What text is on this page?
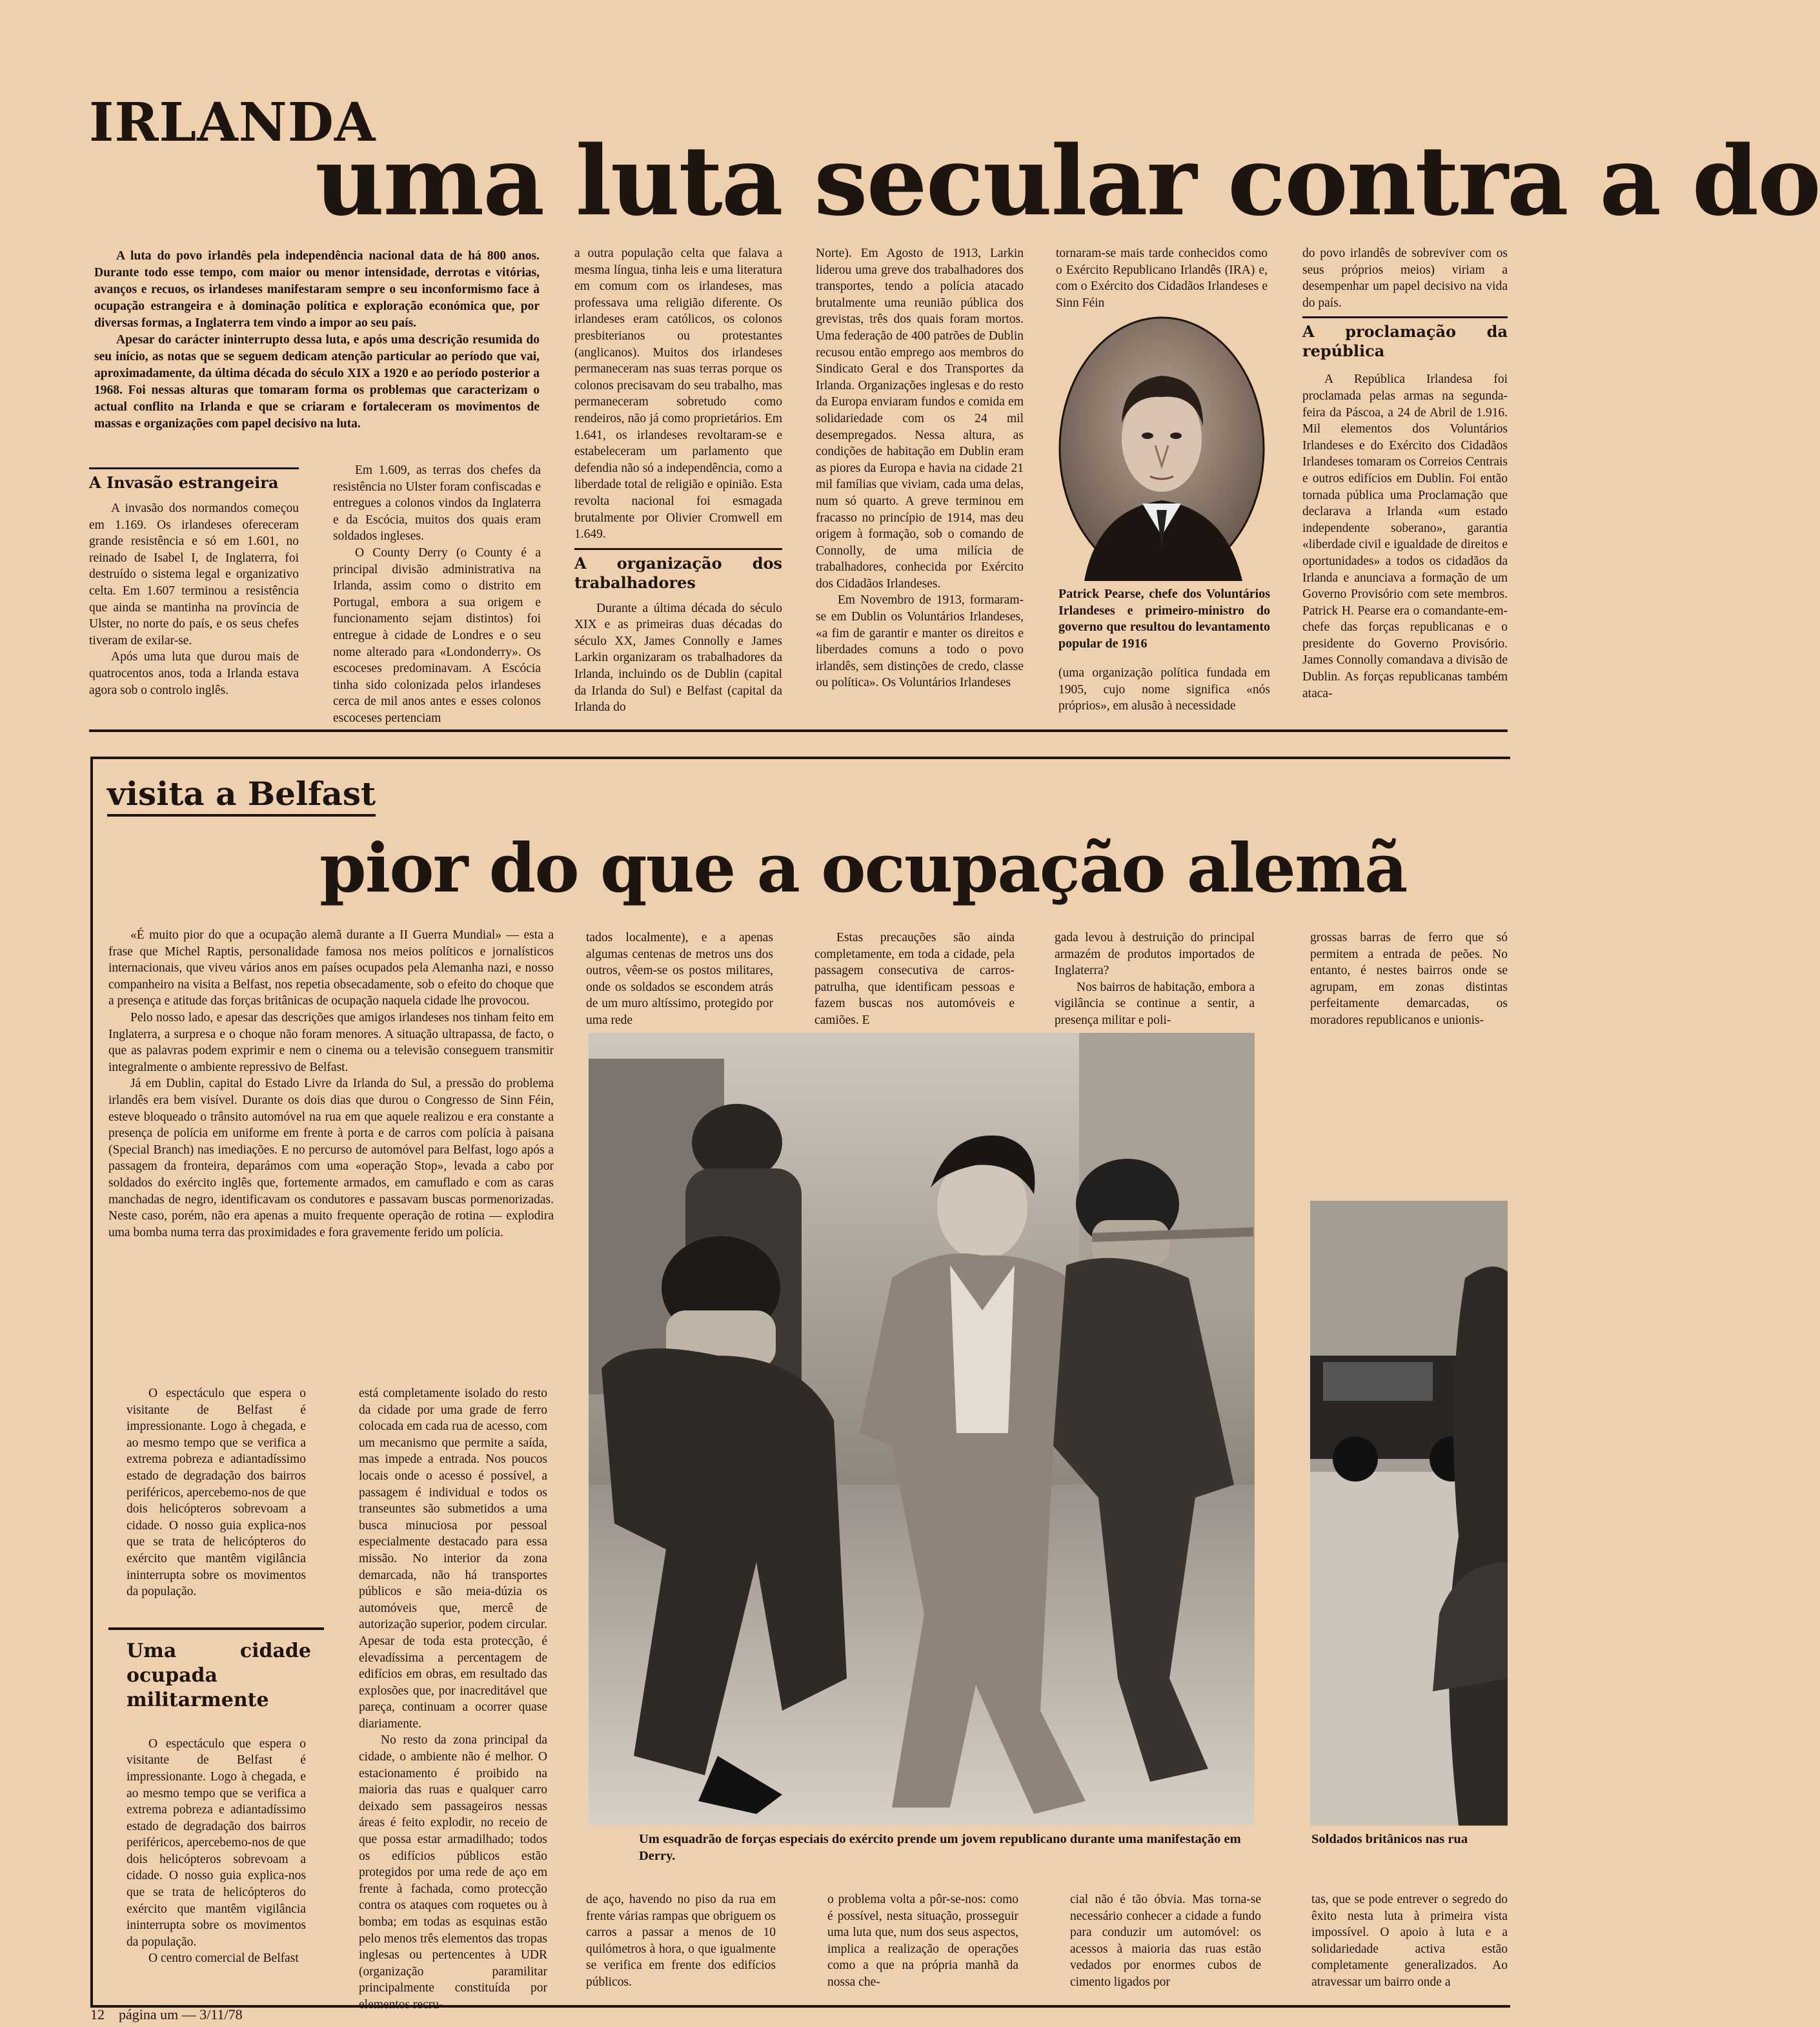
IRLANDA
uma luta secular contra a do

A luta do povo irlandês pela independência nacional data de há 800 anos. Durante todo esse tempo, com maior ou menor intensidade, derrotas e vitórias, avanços e recuos, os irlandeses manifestaram sempre o seu inconformismo face à ocupação estrangeira e à dominação política e exploração económica que, por diversas formas, a Inglaterra tem vindo a impor ao seu país.

Apesar do carácter ininterrupto dessa luta, e após uma descrição resumida do seu início, as notas que se seguem dedicam atenção particular ao período que vai, aproximadamente, da última década do século XIX a 1920 e ao período posterior a 1968. Foi nessas alturas que tomaram forma os problemas que caracterizam o actual conflito na Irlanda e que se criaram e fortaleceram os movimentos de massas e organizações com papel decisivo na luta.

A Invasão estrangeira

A invasão dos normandos começou em 1.169. Os irlandeses ofereceram grande resistência e só em 1.601, no reinado de Isabel I, de Inglaterra, foi destruído o sistema legal e organizativo celta. Em 1.607 terminou a resistência que ainda se mantinha na província de Ulster, no norte do país, e os seus chefes tiveram de exilar-se.

Após uma luta que durou mais de quatrocentos anos, toda a Irlanda estava agora sob o controlo inglês.

Em 1.609, as terras dos chefes da resistência no Ulster foram confiscadas e entregues a colonos vindos da Inglaterra e da Escócia, muitos dos quais eram soldados ingleses.

O County Derry (o County é a principal divisão administrativa na Irlanda, assim como o distrito em Portugal, embora a sua origem e funcionamento sejam distintos) foi entregue à cidade de Londres e o seu nome alterado para «Londonderry». Os escoceses predominavam. A Escócia tinha sido colonizada pelos irlandeses cerca de mil anos antes e esses colonos escoceses pertenciam

a outra população celta que falava a mesma língua, tinha leis e uma literatura em comum com os irlandeses, mas professava uma religião diferente. Os irlandeses eram católicos, os colonos presbiterianos ou protestantes (anglicanos). Muitos dos irlandeses permaneceram nas suas terras porque os colonos precisavam do seu trabalho, mas permaneceram sobretudo como rendeiros, não já como proprietários. Em 1.641, os irlandeses revoltaram-se e estabeleceram um parlamento que defendia não só a independência, como a liberdade total de religião e opinião. Esta revolta nacional foi esmagada brutalmente por Olivier Cromwell em 1.649.

A organização dos trabalhadores

Durante a última década do século XIX e as primeiras duas décadas do século XX, James Connolly e James Larkin organizaram os trabalhadores da Irlanda, incluindo os de Dublin (capital da Irlanda do Sul) e Belfast (capital da Irlanda do

Norte). Em Agosto de 1913, Larkin liderou uma greve dos trabalhadores dos transportes, tendo a polícia atacado brutalmente uma reunião pública dos grevistas, três dos quais foram mortos. Uma federação de 400 patrões de Dublin recusou então emprego aos membros do Sindicato Geral e dos Transportes da Irlanda. Organizações inglesas e do resto da Europa enviaram fundos e comida em solidariedade com os 24 mil desempregados. Nessa altura, as condições de habitação em Dublin eram as piores da Europa e havia na cidade 21 mil famílias que viviam, cada uma delas, num só quarto. A greve terminou em fracasso no princípio de 1914, mas deu origem à formação, sob o comando de Connolly, de uma milícia de trabalhadores, conhecida por Exército dos Cidadãos Irlandeses.

Em Novembro de 1913, formaram-se em Dublin os Voluntários Irlandeses, «a fim de garantir e manter os direitos e liberdades comuns a todo o povo irlandês, sem distinções de credo, classe ou política». Os Voluntários Irlandeses

tornaram-se mais tarde conhecidos como o Exército Republicano Irlandês (IRA) e, com o Exército dos Cidadãos Irlandeses e Sinn Féin
Patrick Pearse, chefe dos Voluntários Irlandeses e primeiro-ministro do governo que resultou do levantamento popular de 1916
(uma organização política fundada em 1905, cujo nome significa «nós próprios», em alusão à necessidade

do povo irlandês de sobreviver com os seus próprios meios) viriam a desempenhar um papel decisivo na vida do país.

A proclamação da república

A República Irlandesa foi proclamada pelas armas na segunda-feira da Páscoa, a 24 de Abril de 1.916. Mil elementos dos Voluntários Irlandeses e do Exército dos Cidadãos Irlandeses tomaram os Correios Centrais e outros edifícios em Dublin. Foi então tornada pública uma Proclamação que declarava a Irlanda «um estado independente soberano», garantia «liberdade civil e igualdade de direitos e oportunidades» a todos os cidadãos da Irlanda e anunciava a formação de um Governo Provisório com sete membros. Patrick H. Pearse era o comandante-em-chefe das forças republicanas e o presidente do Governo Provisório. James Connolly comandava a divisão de Dublin. As forças republicanas também ataca-

visita a Belfast
pior do que a ocupação alemã

«É muito pior do que a ocupação alemã durante a II Guerra Mundial» — esta a frase que Michel Raptis, personalidade famosa nos meios políticos e jornalísticos internacionais, que viveu vários anos em países ocupados pela Alemanha nazi, e nosso companheiro na visita a Belfast, nos repetia obsecadamente, sob o efeito do choque que a presença e atitude das forças britânicas de ocupação naquela cidade lhe provocou.

Pelo nosso lado, e apesar das descrições que amigos irlandeses nos tinham feito em Inglaterra, a surpresa e o choque não foram menores. A situação ultrapassa, de facto, o que as palavras podem exprimir e nem o cinema ou a televisão conseguem transmitir integralmente o ambiente repressivo de Belfast.

Já em Dublin, capital do Estado Livre da Irlanda do Sul, a pressão do problema irlandês era bem visível. Durante os dois dias que durou o Congresso de Sinn Féin, esteve bloqueado o trânsito automóvel na rua em que aquele realizou e era constante a presença de polícia em uniforme em frente à porta e de carros com polícia à paisana (Special Branch) nas imediações. E no percurso de automóvel para Belfast, logo após a passagem da fronteira, deparámos com uma «operação Stop», levada a cabo por soldados do exército inglês que, fortemente armados, em camuflado e com as caras manchadas de negro, identificavam os condutores e passavam buscas pormenorizadas. Neste caso, porém, não era apenas a muito frequente operação de rotina — explodira uma bomba numa terra das proximidades e fora gravemente ferido um polícia.

tados localmente), e a apenas algumas centenas de metros uns dos outros, vêem-se os postos militares, onde os soldados se escondem atrás de um muro altíssimo, protegido por uma rede

Estas precauções são ainda completamente, em toda a cidade, pela passagem consecutiva de carros-patrulha, que identificam pessoas e fazem buscas nos automóveis e camiões. E

gada levou à destruição do principal armazém de produtos importados de Inglaterra?

Nos bairros de habitação, embora a vigilância se continue a sentir, a presença militar e poli-

grossas barras de ferro que só permitem a entrada de peões. No entanto, é nestes bairros onde se agrupam, em zonas distintas perfeitamente demarcadas, os moradores republicanos e unionis-

O espectáculo que espera o visitante de Belfast é impressionante. Logo à chegada, e ao mesmo tempo que se verifica a extrema pobreza e adiantadíssimo estado de degradação dos bairros periféricos, apercebemo-nos de que dois helicópteros sobrevoam a cidade. O nosso guia explica-nos que se trata de helicópteros do exército que mantêm vigilância ininterrupta sobre os movimentos da população.

Uma cidade ocupada militarmente

O espectáculo que espera o visitante de Belfast é impressionante. Logo à chegada, e ao mesmo tempo que se verifica a extrema pobreza e adiantadíssimo estado de degradação dos bairros periféricos, apercebemo-nos de que dois helicópteros sobrevoam a cidade. O nosso guia explica-nos que se trata de helicópteros do exército que mantêm vigilância ininterrupta sobre os movimentos da população.

O centro comercial de Belfast

está completamente isolado do resto da cidade por uma grade de ferro colocada em cada rua de acesso, com um mecanismo que permite a saída, mas impede a entrada. Nos poucos locais onde o acesso é possível, a passagem é individual e todos os transeuntes são submetidos a uma busca minuciosa por pessoal especialmente destacado para essa missão. No interior da zona demarcada, não há transportes públicos e são meia-dúzia os automóveis que, mercê de autorização superior, podem circular. Apesar de toda esta protecção, é elevadíssima a percentagem de edifícios em obras, em resultado das explosões que, por inacreditável que pareça, continuam a ocorrer quase diariamente.

No resto da zona principal da cidade, o ambiente não é melhor. O estacionamento é proibido na maioria das ruas e qualquer carro deixado sem passageiros nessas áreas é feito explodir, no receio de que possa estar armadilhado; todos os edifícios públicos estão protegidos por uma rede de aço em frente à fachada, como protecção contra os ataques com roquetes ou à bomba; em todas as esquinas estão pelo menos três elementos das tropas inglesas ou pertencentes à UDR (organização paramilitar principalmente constituída por elementos recru-

Um esquadrão de forças especiais do exército prende um jovem republicano durante uma manifestação em Derry.
Soldados britânicos nas rua
de aço, havendo no piso da rua em frente várias rampas que obriguem os carros a passar a menos de 10 quilómetros à hora, o que igualmente se verifica em frente dos edifícios públicos.
o problema volta a pôr-se-nos: como é possível, nesta situação, prosseguir uma luta que, num dos seus aspectos, implica a realização de operações como a que na própria manhã da nossa che-
cial não é tão óbvia. Mas torna-se necessário conhecer a cidade a fundo para conduzir um automóvel: os acessos à maioria das ruas estão vedados por enormes cubos de cimento ligados por
tas, que se pode entrever o segredo do êxito nesta luta à primeira vista impossível. O apoio à luta e a solidariedade activa estão completamente generalizados. Ao atravessar um bairro onde a
12    página um — 3/11/78
